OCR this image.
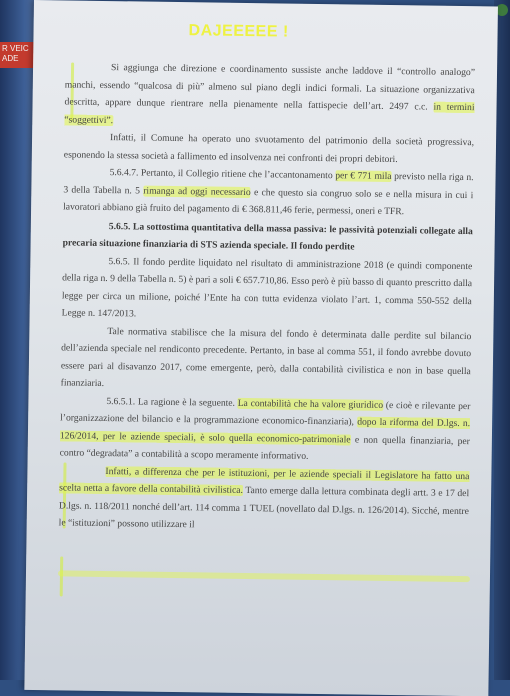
R VEIC
ADE
DAJEEEEE !

Si aggiunga che direzione e coordinamento sussiste anche laddove il “controllo analogo” manchi, essendo “qualcosa di più” almeno sul piano degli indici formali. La situazione organizzativa descritta, appare dunque rientrare nella pienamente nella fattispecie dell’art. 2497 c.c. in termini “soggettivi”.

Infatti, il Comune ha operato uno svuotamento del patrimonio della società progressiva, esponendo la stessa società a fallimento ed insolvenza nei confronti dei propri debitori.

5.6.4.7. Pertanto, il Collegio ritiene che l’accantonamento per € 771 mila previsto nella riga n. 3 della Tabella n. 5 rimanga ad oggi necessario e che questo sia congruo solo se e nella misura in cui i lavoratori abbiano già fruito del pagamento di € 368.811,46 ferie, permessi, oneri e TFR.

5.6.5. La sottostima quantitativa della massa passiva: le passività potenziali collegate alla precaria situazione finanziaria di STS azienda speciale. Il fondo perdite

5.6.5. Il fondo perdite liquidato nel risultato di amministrazione 2018 (e quindi componente della riga n. 9 della Tabella n. 5) è pari a soli € 657.710,86. Esso però è più basso di quanto prescritto dalla legge per circa un milione, poiché l’Ente ha con tutta evidenza violato l’art. 1, comma 550-552 della Legge n. 147/2013.

Tale normativa stabilisce che la misura del fondo è determinata dalle perdite sul bilancio dell’azienda speciale nel rendiconto precedente. Pertanto, in base al comma 551, il fondo avrebbe dovuto essere pari al disavanzo 2017, come emergente, però, dalla contabilità civilistica e non in base quella finanziaria.

5.6.5.1. La ragione è la seguente. La contabilità che ha valore giuridico (e cioè e rilevante per l’organizzazione del bilancio e la programmazione economico-finanziaria), dopo la riforma del D.lgs. n. 126/2014, per le aziende speciali, è solo quella economico-patrimoniale e non quella finanziaria, per contro “degradata” a contabilità a scopo meramente informativo.

Infatti, a differenza che per le istituzioni, per le aziende speciali il Legislatore ha fatto una scelta netta a favore della contabilità civilistica. Tanto emerge dalla lettura combinata degli artt. 3 e 17 del D.lgs. n. 118/2011 nonché dell’art. 114 comma 1 TUEL (novellato dal D.lgs. n. 126/2014). Sicché, mentre le “istituzioni” possono utilizzare il
